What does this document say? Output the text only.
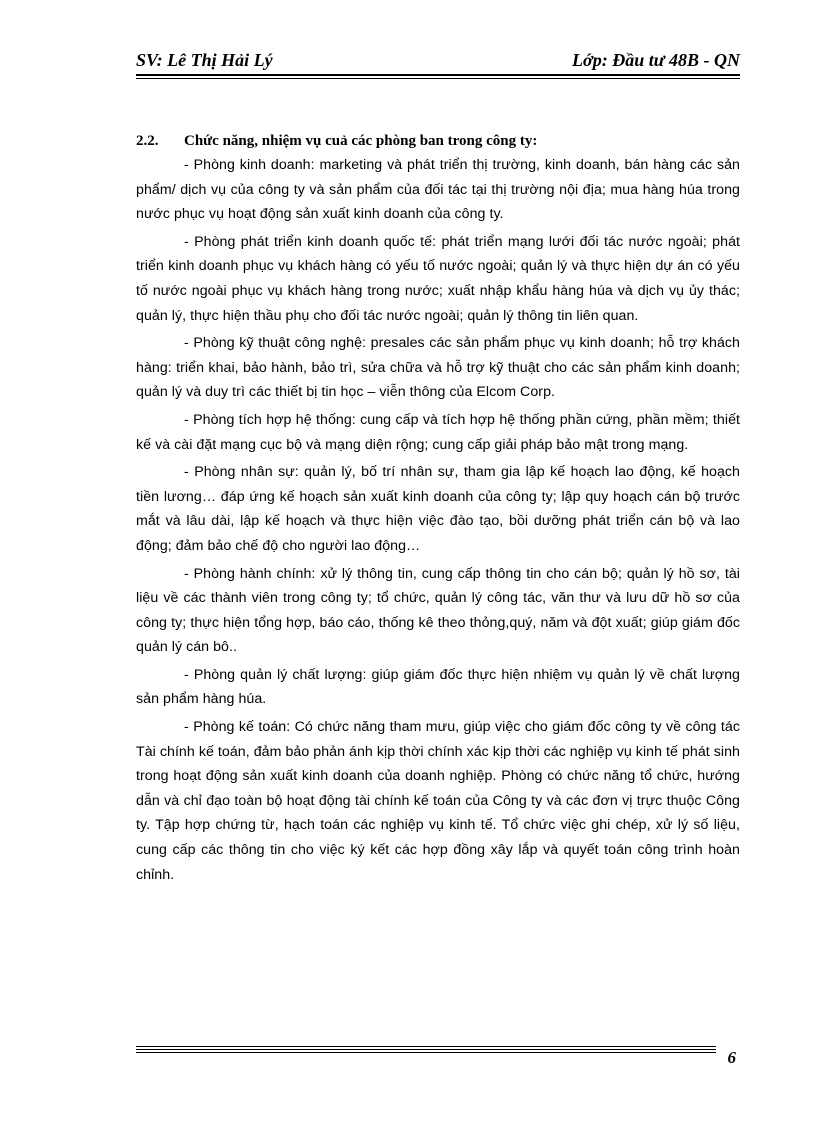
SV: Lê Thị Hải Lý	Lớp: Đầu tư 48B - QN
2.2. Chức năng, nhiệm vụ cuả các phòng ban trong công ty:

- Phòng kinh doanh: marketing và phát triển thị trường, kinh doanh, bán hàng các sản phẩm/ dịch vụ của công ty và sản phẩm của đối tác tại thị trường nội địa; mua hàng húa trong nước phục vụ hoạt động sản xuất kinh doanh của công ty.

- Phòng phát triển kinh doanh quốc tế: phát triển mạng lưới đối tác nước ngoài; phát triển kinh doanh phục vụ khách hàng có yếu tố nước ngoài; quản lý và thực hiện dự án có yếu tố nước ngoài phục vụ khách hàng trong nước; xuất nhập khẩu hàng húa và dịch vụ ủy thác; quản lý, thực hiện thầu phụ cho đối tác nước ngoài; quản lý thông tin liên quan.

- Phòng kỹ thuật công nghệ: presales các sản phẩm phục vụ kinh doanh; hỗ trợ khách hàng: triển khai, bảo hành, bảo trì, sửa chữa và hỗ trợ kỹ thuật cho các sản phẩm kinh doanh; quản lý và duy trì các thiết bị tin học – viễn thông của Elcom Corp.

- Phòng tích hợp hệ thống: cung cấp và tích hợp hệ thống phần cứng, phần mềm; thiết kế và cài đặt mạng cục bộ và mạng diện rộng; cung cấp giải pháp bảo mật trong mạng.

- Phòng nhân sự: quản lý, bố trí nhân sự, tham gia lập kế hoạch lao động, kế hoạch tiền lương… đáp ứng kế hoạch sản xuất kinh doanh của công ty; lập quy hoạch cán bộ trước mắt và lâu dài, lập kế hoạch và thực hiện việc đào tạo, bồi dưỡng phát triển cán bộ và lao động; đảm bảo chế độ cho người lao động…

- Phòng hành chính: xử lý thông tin, cung cấp thông tin cho cán bộ; quản lý hồ sơ, tài liệu về các thành viên trong công ty; tổ chức, quản lý công tác, văn thư và lưu dữ hồ sơ của công ty; thực hiện tổng hợp, báo cáo, thống kê theo thỏng,quý, năm và đột xuất; giúp giám đốc quản lý cán bô..

- Phòng quản lý chất lượng: giúp giám đốc thực hiện nhiệm vụ quản lý về chất lượng sản phẩm hàng húa.

- Phòng kế toán: Có chức năng tham mưu, giúp việc cho giám đốc công ty về công tác Tài chính kế toán, đảm bảo phản ánh kịp thời chính xác kịp thời các nghiệp vụ kinh tế phát sinh trong hoạt động sản xuất kinh doanh của doanh nghiệp. Phòng có chức năng tổ chức, hướng dẫn và chỉ đạo toàn bộ hoạt động tài chính kế toán của Công ty và các đơn vị trực thuộc Công ty. Tập hợp chứng từ, hạch toán các nghiệp vụ kinh tế. Tổ chức việc ghi chép, xử lý số liệu, cung cấp các thông tin cho việc ký kết các hợp đồng xây lắp và quyết toán công trình hoàn chỉnh.

6
